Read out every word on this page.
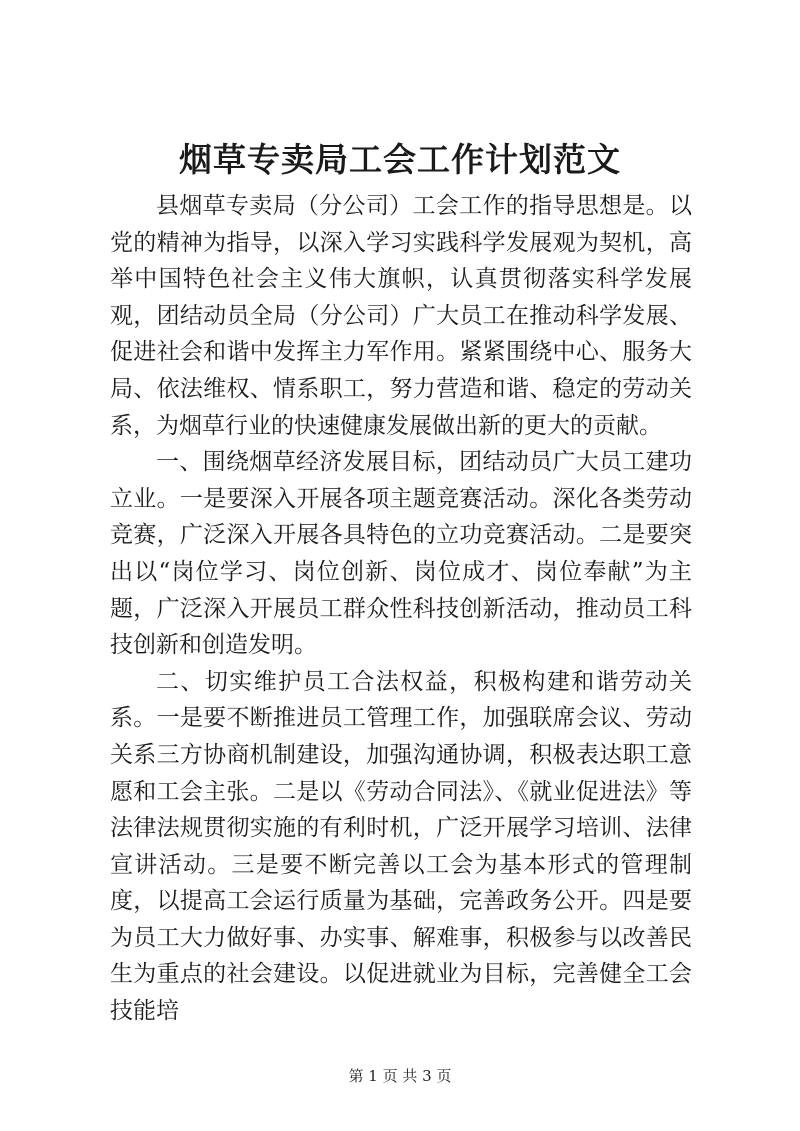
烟草专卖局工会工作计划范文

县烟草专卖局（分公司）工会工作的指导思想是。以党的精神为指导，以深入学习实践科学发展观为契机，高举中国特色社会主义伟大旗帜，认真贯彻落实科学发展观，团结动员全局（分公司）广大员工在推动科学发展、促进社会和谐中发挥主力军作用。紧紧围绕中心、服务大局、依法维权、情系职工，努力营造和谐、稳定的劳动关系，为烟草行业的快速健康发展做出新的更大的贡献。

一、围绕烟草经济发展目标，团结动员广大员工建功立业。一是要深入开展各项主题竞赛活动。深化各类劳动竞赛，广泛深入开展各具特色的立功竞赛活动。二是要突出以“岗位学习、岗位创新、岗位成才、岗位奉献”为主题，广泛深入开展员工群众性科技创新活动，推动员工科技创新和创造发明。

二、切实维护员工合法权益，积极构建和谐劳动关系。一是要不断推进员工管理工作，加强联席会议、劳动关系三方协商机制建设，加强沟通协调，积极表达职工意愿和工会主张。二是以《劳动合同法》、《就业促进法》等法律法规贯彻实施的有利时机，广泛开展学习培训、法律宣讲活动。三是要不断完善以工会为基本形式的管理制度，以提高工会运行质量为基础，完善政务公开。四是要为员工大力做好事、办实事、解难事，积极参与以改善民生为重点的社会建设。以促进就业为目标，完善健全工会技能培

第 1 页 共 3 页
